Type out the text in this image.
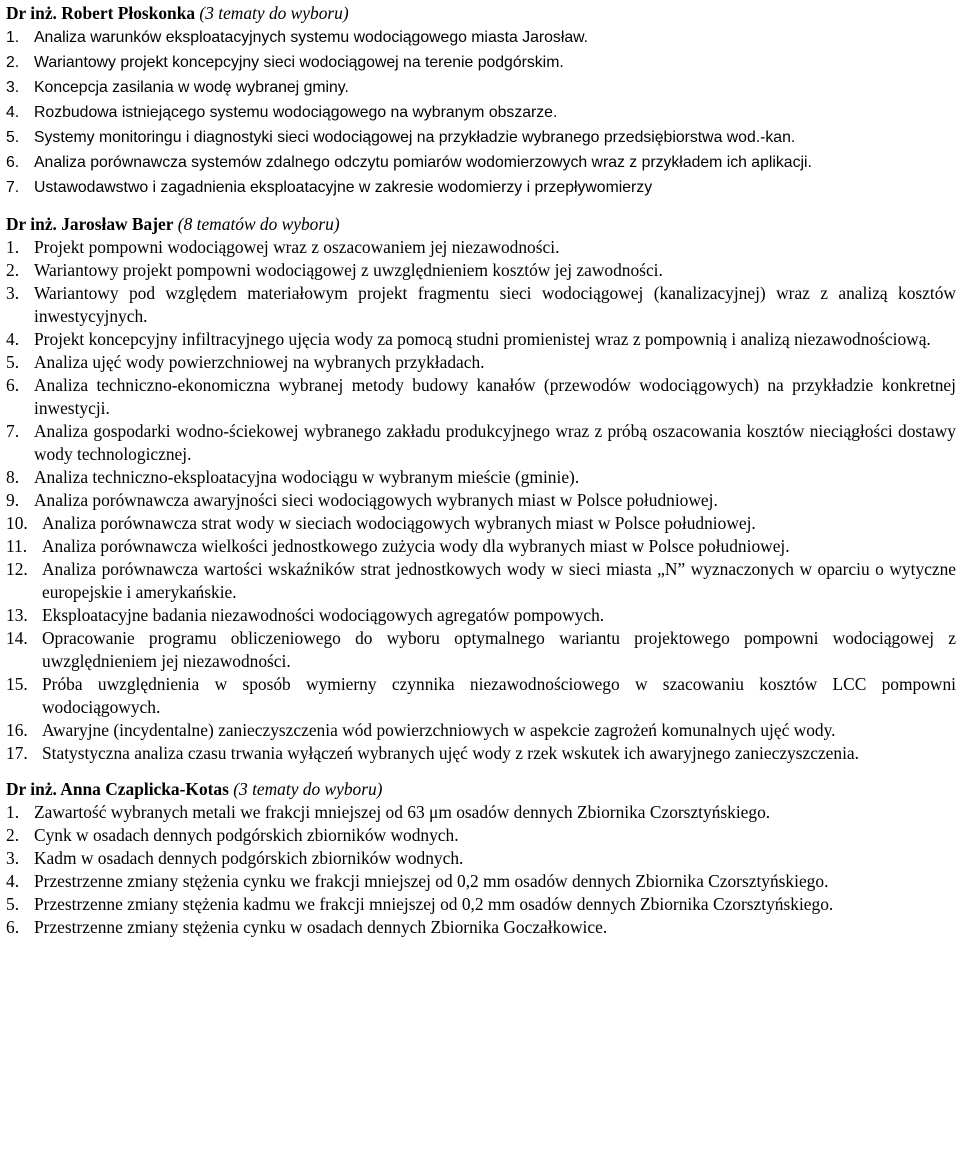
Dr inż. Robert Płoskonka (3 tematy do wyboru)
1. Analiza warunków eksploatacyjnych systemu wodociągowego miasta Jarosław.
2. Wariantowy projekt koncepcyjny sieci wodociągowej na terenie podgórskim.
3. Koncepcja zasilania w wodę wybranej gminy.
4. Rozbudowa istniejącego systemu wodociągowego na wybranym obszarze.
5. Systemy monitoringu i diagnostyki sieci wodociągowej na przykładzie wybranego przedsiębiorstwa wod.-kan.
6. Analiza porównawcza systemów zdalnego odczytu pomiarów wodomierzowych wraz z przykładem ich aplikacji.
7. Ustawodawstwo i zagadnienia eksploatacyjne w zakresie wodomierzy i przepływomierzy
Dr inż. Jarosław Bajer (8 tematów do wyboru)
1. Projekt pompowni wodociągowej wraz z oszacowaniem jej niezawodności.
2. Wariantowy projekt pompowni wodociągowej z uwzględnieniem kosztów jej zawodności.
3. Wariantowy pod względem materiałowym projekt fragmentu sieci wodociągowej (kanalizacyjnej) wraz z analizą kosztów inwestycyjnych.
4. Projekt koncepcyjny infiltracyjnego ujęcia wody za pomocą studni promienistej wraz z pompownią i analizą niezawodnościową.
5. Analiza ujęć wody powierzchniowej na wybranych przykładach.
6. Analiza techniczno-ekonomiczna wybranej metody budowy kanałów (przewodów wodociągowych) na przykładzie konkretnej inwestycji.
7. Analiza gospodarki wodno-ściekowej wybranego zakładu produkcyjnego wraz z próbą oszacowania kosztów nieciągłości dostawy wody technologicznej.
8. Analiza techniczno-eksploatacyjna wodociągu w wybranym mieście (gminie).
9. Analiza porównawcza awaryjności sieci wodociągowych wybranych miast w Polsce południowej.
10. Analiza porównawcza strat wody w sieciach wodociągowych wybranych miast w Polsce południowej.
11. Analiza porównawcza wielkości jednostkowego zużycia wody dla wybranych miast w Polsce południowej.
12. Analiza porównawcza wartości wskaźników strat jednostkowych wody w sieci miasta „N” wyznaczonych w oparciu o wytyczne europejskie i amerykańskie.
13. Eksploatacyjne badania niezawodności wodociągowych agregatów pompowych.
14. Opracowanie programu obliczeniowego do wyboru optymalnego wariantu projektowego pompowni wodociągowej z uwzględnieniem jej niezawodności.
15. Próba uwzględnienia w sposób wymierny czynnika niezawodnościowego w szacowaniu kosztów LCC pompowni wodociągowych.
16. Awaryjne (incydentalne) zanieczyszczenia wód powierzchniowych w aspekcie zagrożeń komunalnych ujęć wody.
17. Statystyczna analiza czasu trwania wyłączeń wybranych ujęć wody z rzek wskutek ich awaryjnego zanieczyszczenia.
Dr inż. Anna Czaplicka-Kotas (3 tematy do wyboru)
1. Zawartość wybranych metali we frakcji mniejszej od 63 μm osadów dennych Zbiornika Czorsztyńskiego.
2. Cynk w osadach dennych podgórskich zbiorników wodnych.
3. Kadm w osadach dennych podgórskich zbiorników wodnych.
4. Przestrzenne zmiany stężenia cynku we frakcji mniejszej od 0,2 mm osadów dennych Zbiornika Czorsztyńskiego.
5. Przestrzenne zmiany stężenia kadmu we frakcji mniejszej od 0,2 mm osadów dennych Zbiornika Czorsztyńskiego.
6. Przestrzenne zmiany stężenia cynku w osadach dennych Zbiornika Goczałkowice.
